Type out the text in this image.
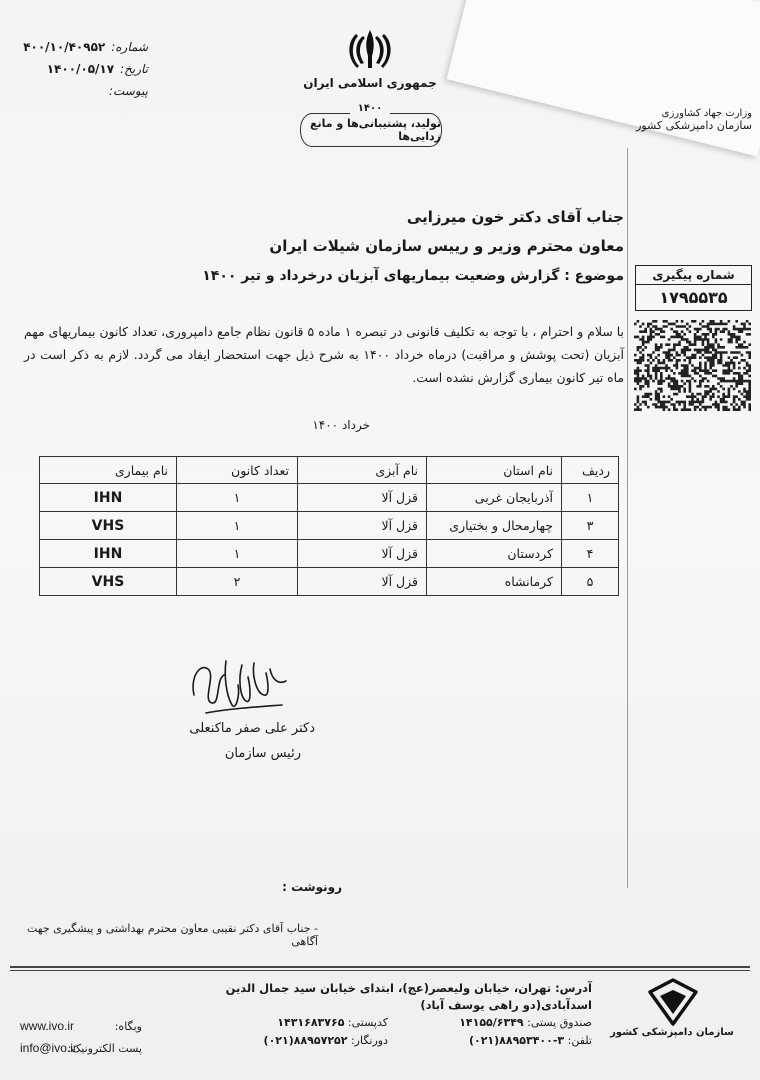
شماره:
۴۰۰/۱۰/۴۰۹۵۲
تاریخ:
۱۴۰۰/۰۵/۱۷
پیوست:
جمهوری اسلامی ایران
تولید، پشتیبانی‌ها و مانع زدایی‌ها
۱۴۰۰	وزارت جهاد کشاورزی
سازمان دامپزشکی کشور
جناب آقای دکتر خون میرزایی
معاون محترم وزیر و رییس سازمان شیلات ایران
موضوع : گزارش وضعیت بیماریهای آبزیان درخرداد و تیر ۱۴۰۰
با سلام و احترام ، با توجه به تکلیف قانونی در تبصره ۱ ماده ۵ قانون نظام جامع دامپروری، تعداد کانون بیماریهای مهم آبزیان (تحت پوشش و مراقبت) درماه خرداد ۱۴۰۰ به شرح ذیل جهت استحضار ایفاد می گردد. لازم به ذکر است در ماه تیر کانون بیماری گزارش نشده است.
شماره پیگیری
۱۷۹۵۵۳۵
خرداد ۱۴۰۰
ردیف	نام استان	نام آبزی	تعداد کانون	نام بیماری
۱	آذربایجان غربی	قزل آلا	۱	IHN
۳	چهارمحال و بختیاری	قزل آلا	۱	VHS
۴	کردستان	قزل آلا	۱	IHN
۵	کرمانشاه	قزل آلا	۲	VHS
دکتر علی صفر ماکنعلی
رئیس سازمان
رونوشت :
- جناب آقای دکتر نقیبی معاون محترم بهداشتی و پیشگیری جهت آگاهی
سازمان دامپزشکی کشور
آدرس: تهران، خیابان ولیعصر(عج)، ابتدای خیابان سید جمال الدین اسدآبادی(دو راهی یوسف آباد)
صندوق پستی: ۱۴۱۵۵/۶۳۴۹
تلفن: (۰۲۱)۸۸۹۵۳۴۰۰-۳
کدپستی: ۱۴۳۱۶۸۳۷۶۵
دورنگار: (۰۲۱)۸۸۹۵۷۲۵۲
وبگاه:
پست الکترونیک:
www.ivo.ir
info@ivo.ir
